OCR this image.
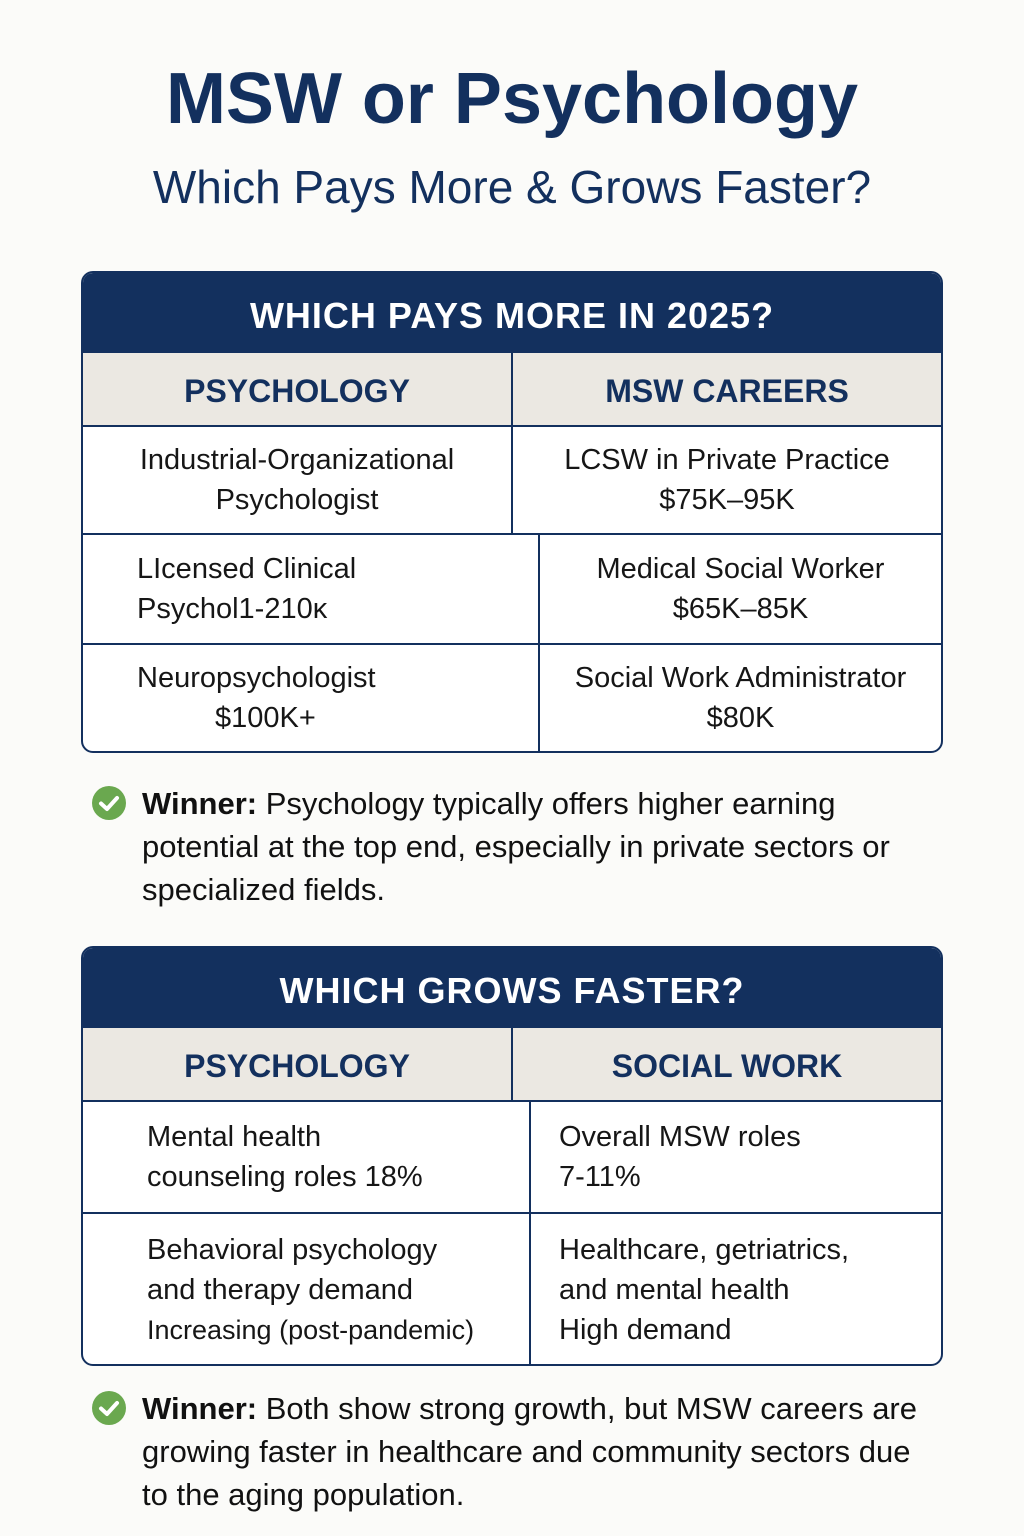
MSW or Psychology
Which Pays More & Grows Faster?
WHICH PAYS MORE IN 2025?
PSYCHOLOGY	MSW CAREERS
Industrial-Organizational
Psychologist
LCSW in Private Practice
$75K–95K
LIcensed Clinical
Psychol1-210κ
Medical Social Worker
$65K–85K
Neuropsychologist
$100K+
Social Work Administrator
$80K
Winner: Psychology typically offers higher earning potential at the top end, especially in private sectors or specialized fields.
WHICH GROWS FASTER?
PSYCHOLOGY	SOCIAL WORK
Mental health
counseling roles 18%
Overall MSW roles
7-11%
Behavioral psychology
and therapy demand
Increasing (post-pandemic)
Healthcare, getriatrics,
and mental health
High demand
Winner: Both show strong growth, but MSW careers are growing faster in healthcare and community sectors due to the aging population.
